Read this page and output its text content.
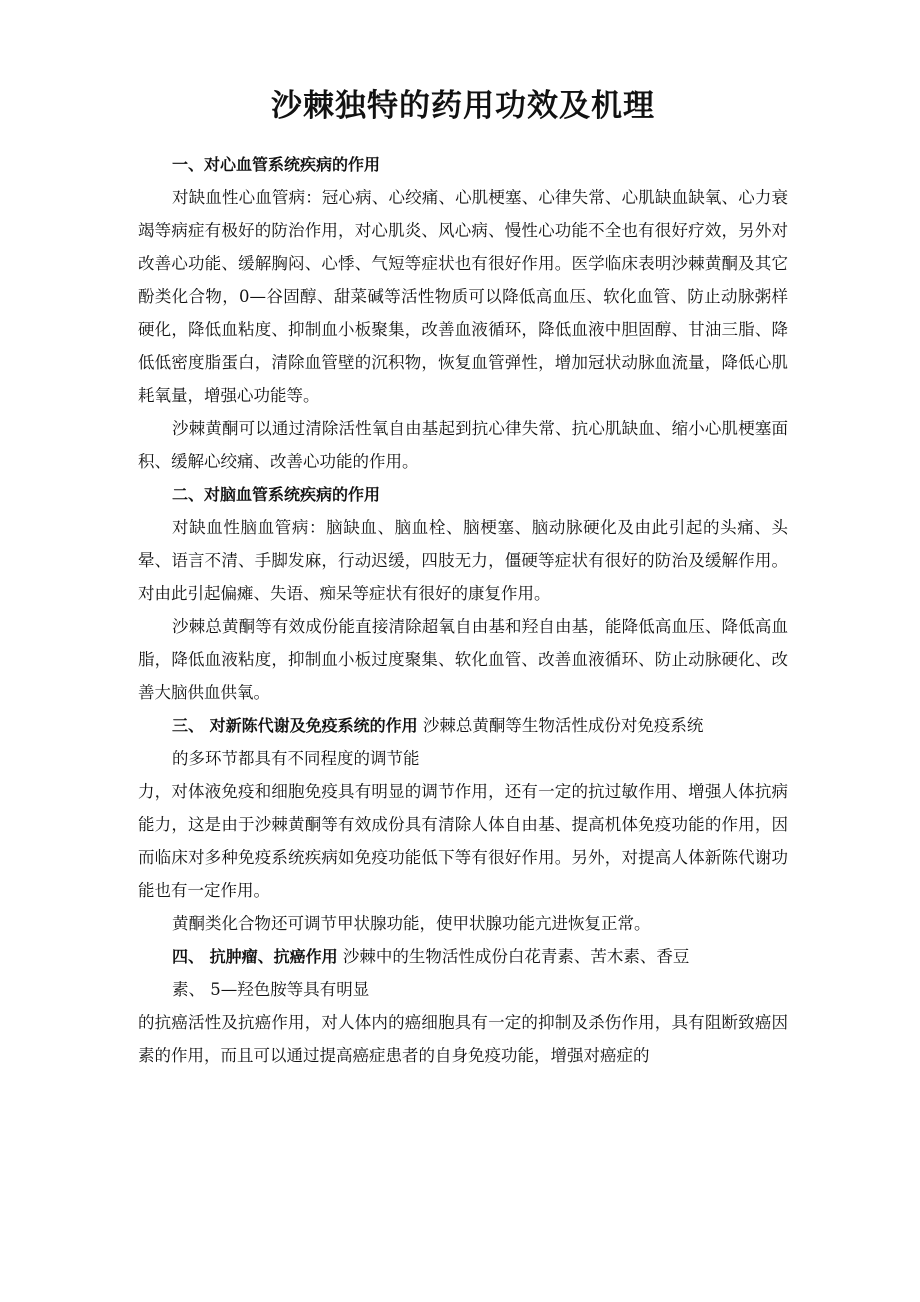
沙棘独特的药用功效及机理
一、对心血管系统疾病的作用

对缺血性心血管病：冠心病、心绞痛、心肌梗塞、心律失常、心肌缺血缺氧、心力衰竭等病症有极好的防治作用，对心肌炎、风心病、慢性心功能不全也有很好疗效，另外对改善心功能、缓解胸闷、心悸、气短等症状也有很好作用。医学临床表明沙棘黄酮及其它酚类化合物，0—谷固醇、甜菜碱等活性物质可以降低高血压、软化血管、防止动脉粥样硬化，降低血粘度、抑制血小板聚集，改善血液循环，降低血液中胆固醇、甘油三脂、降低低密度脂蛋白，清除血管壁的沉积物，恢复血管弹性，增加冠状动脉血流量，降低心肌耗氧量，增强心功能等。

沙棘黄酮可以通过清除活性氧自由基起到抗心律失常、抗心肌缺血、缩小心肌梗塞面积、缓解心绞痛、改善心功能的作用。

二、对脑血管系统疾病的作用

对缺血性脑血管病：脑缺血、脑血栓、脑梗塞、脑动脉硬化及由此引起的头痛、头晕、语言不清、手脚发麻，行动迟缓，四肢无力，僵硬等症状有很好的防治及缓解作用。对由此引起偏瘫、失语、痴呆等症状有很好的康复作用。

沙棘总黄酮等有效成份能直接清除超氧自由基和羟自由基，能降低高血压、降低高血脂，降低血液粘度，抑制血小板过度聚集、软化血管、改善血液循环、防止动脉硬化、改善大脑供血供氧。

三、 对新陈代谢及免疫系统的作用 沙棘总黄酮等生物活性成份对免疫系统

的多环节都具有不同程度的调节能

力，对体液免疫和细胞免疫具有明显的调节作用，还有一定的抗过敏作用、增强人体抗病能力，这是由于沙棘黄酮等有效成份具有清除人体自由基、提高机体免疫功能的作用，因而临床对多种免疫系统疾病如免疫功能低下等有很好作用。另外，对提高人体新陈代谢功能也有一定作用。

黄酮类化合物还可调节甲状腺功能，使甲状腺功能亢进恢复正常。

四、 抗肿瘤、抗癌作用 沙棘中的生物活性成份白花青素、苦木素、香豆

素、 5—羟色胺等具有明显

的抗癌活性及抗癌作用，对人体内的癌细胞具有一定的抑制及杀伤作用，具有阻断致癌因素的作用，而且可以通过提高癌症患者的自身免疫功能，增强对癌症的
